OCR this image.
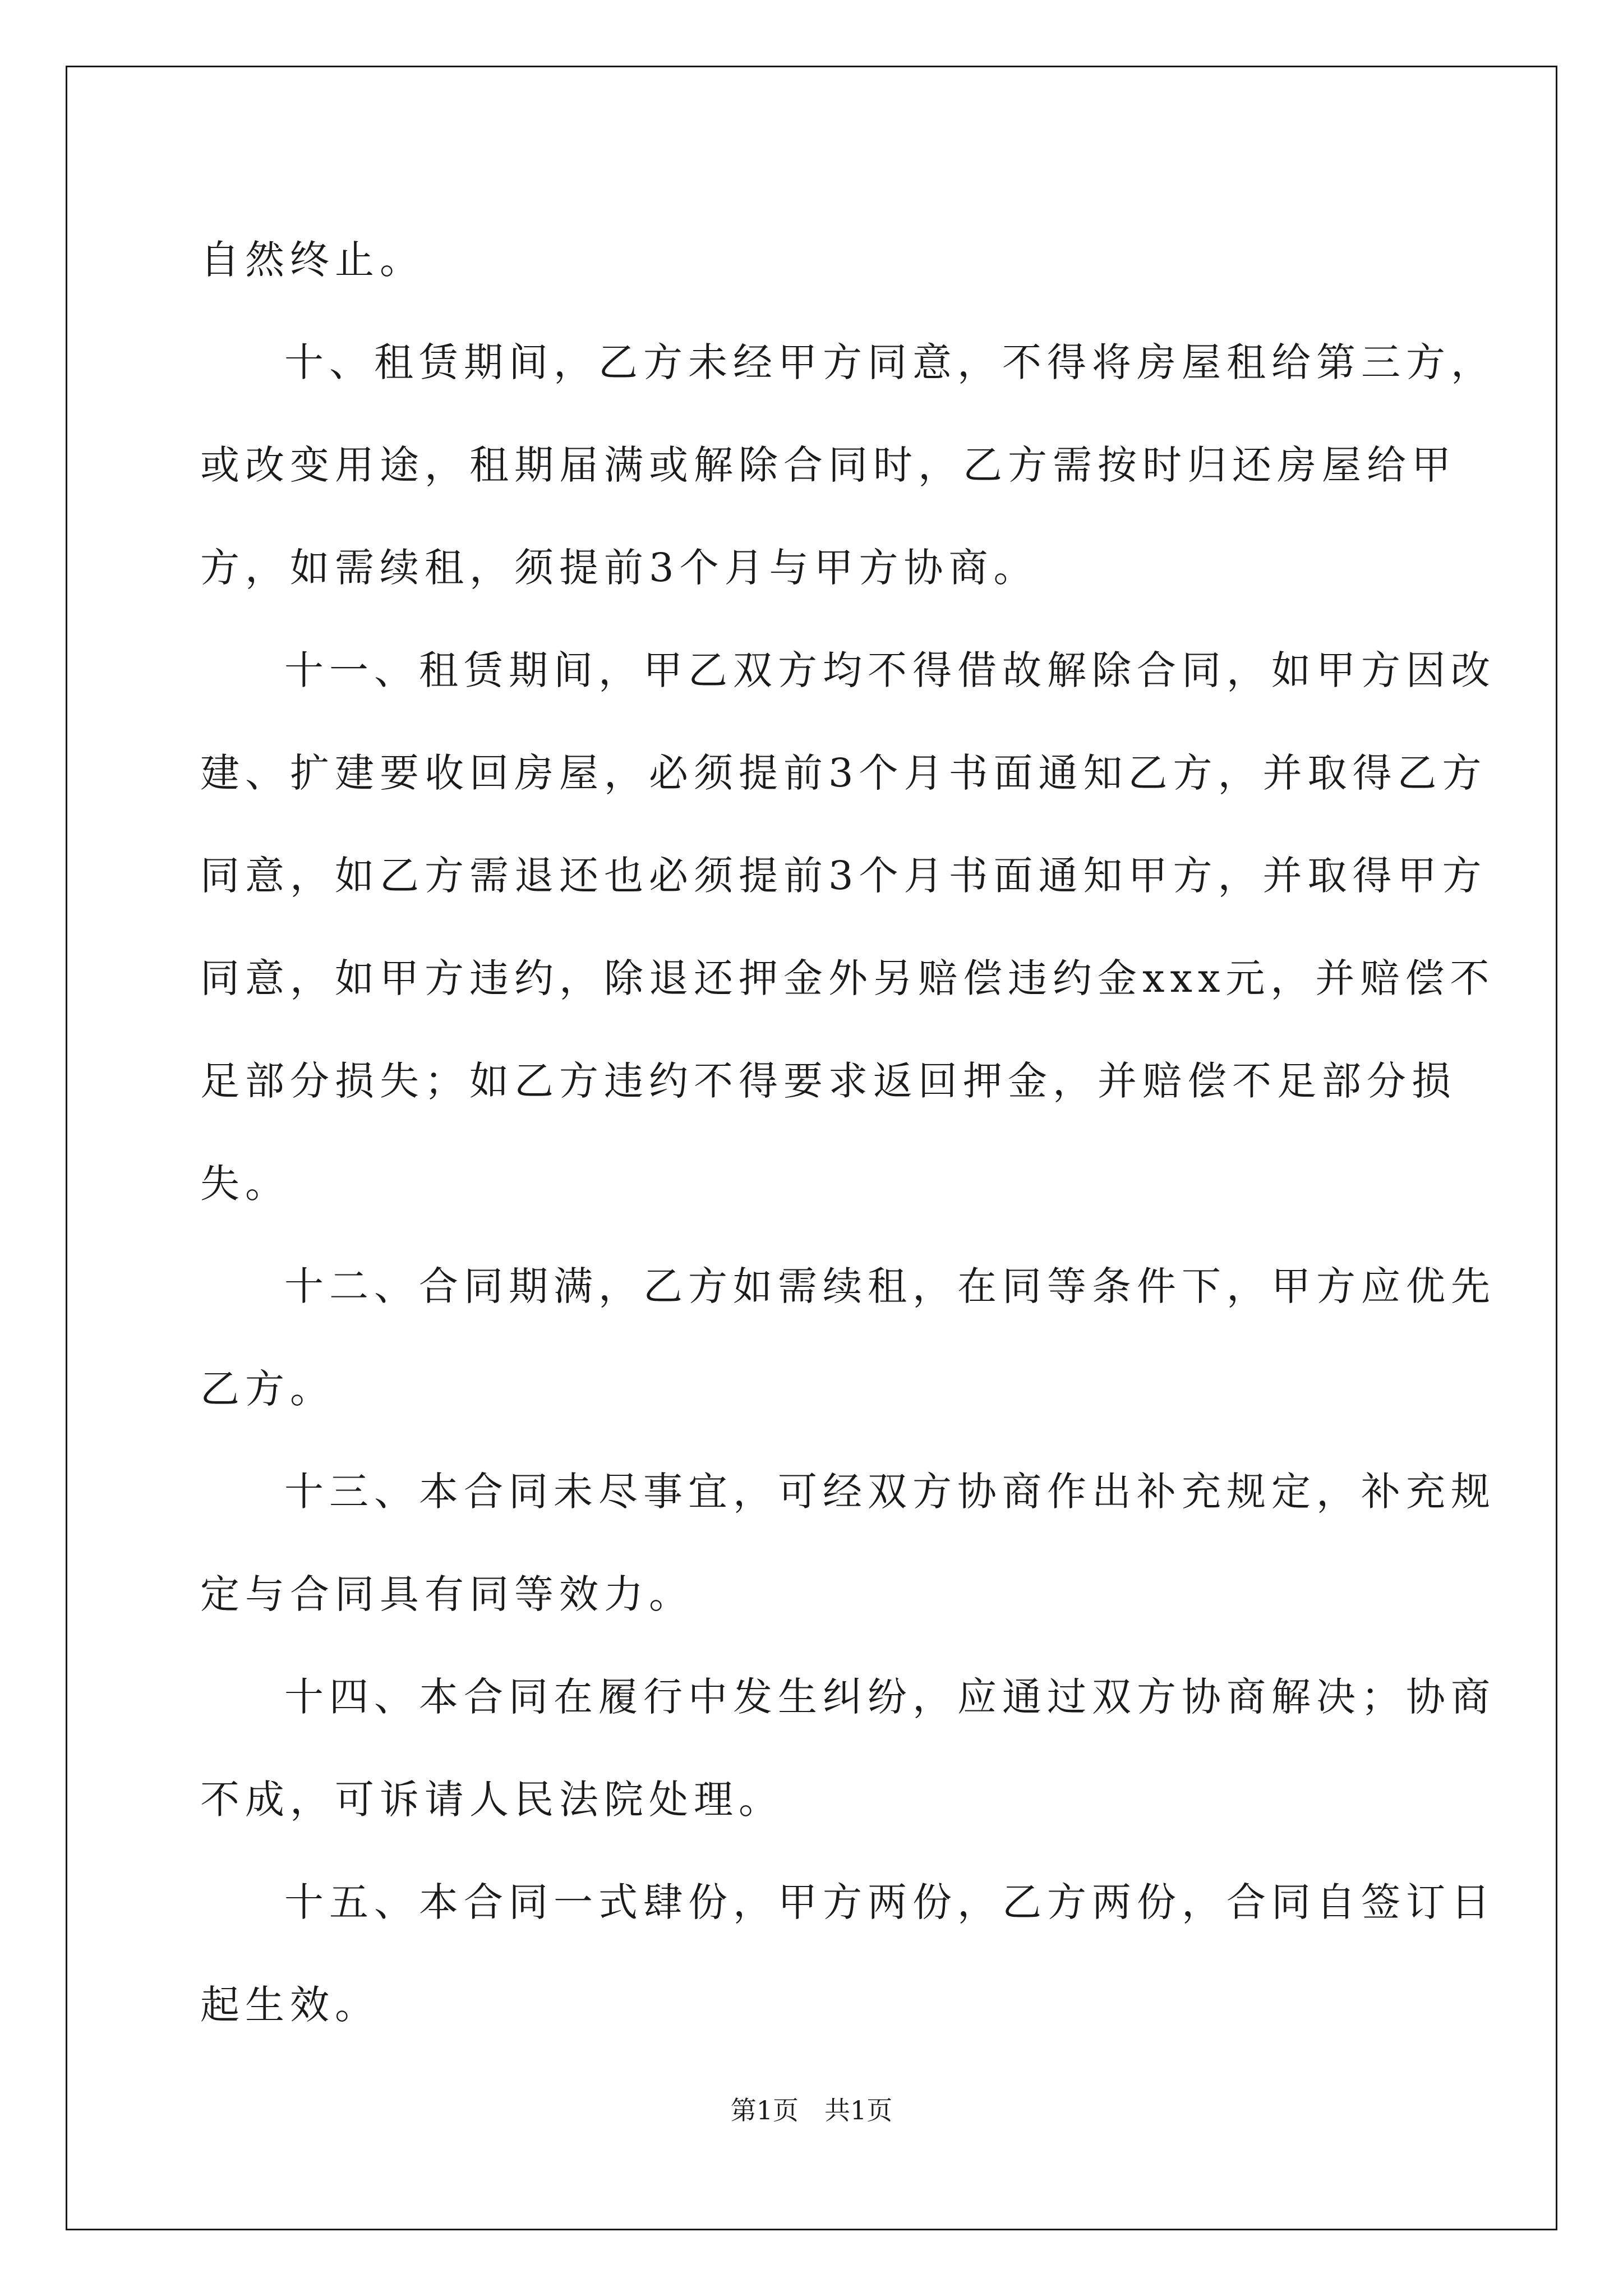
自然终止。

十、租赁期间，乙方未经甲方同意，不得将房屋租给第三方，或改变用途，租期届满或解除合同时，乙方需按时归还房屋给甲方，如需续租，须提前3个月与甲方协商。

十一、租赁期间，甲乙双方均不得借故解除合同，如甲方因改建、扩建要收回房屋，必须提前3个月书面通知乙方，并取得乙方同意，如乙方需退还也必须提前3个月书面通知甲方，并取得甲方同意，如甲方违约，除退还押金外另赔偿违约金xxx元，并赔偿不足部分损失；如乙方违约不得要求返回押金，并赔偿不足部分损失。

十二、合同期满，乙方如需续租，在同等条件下，甲方应优先乙方。

十三、本合同未尽事宜，可经双方协商作出补充规定，补充规定与合同具有同等效力。

十四、本合同在履行中发生纠纷，应通过双方协商解决；协商不成，可诉请人民法院处理。

十五、本合同一式肆份，甲方两份，乙方两份，合同自签订日起生效。

第1页 共1页
